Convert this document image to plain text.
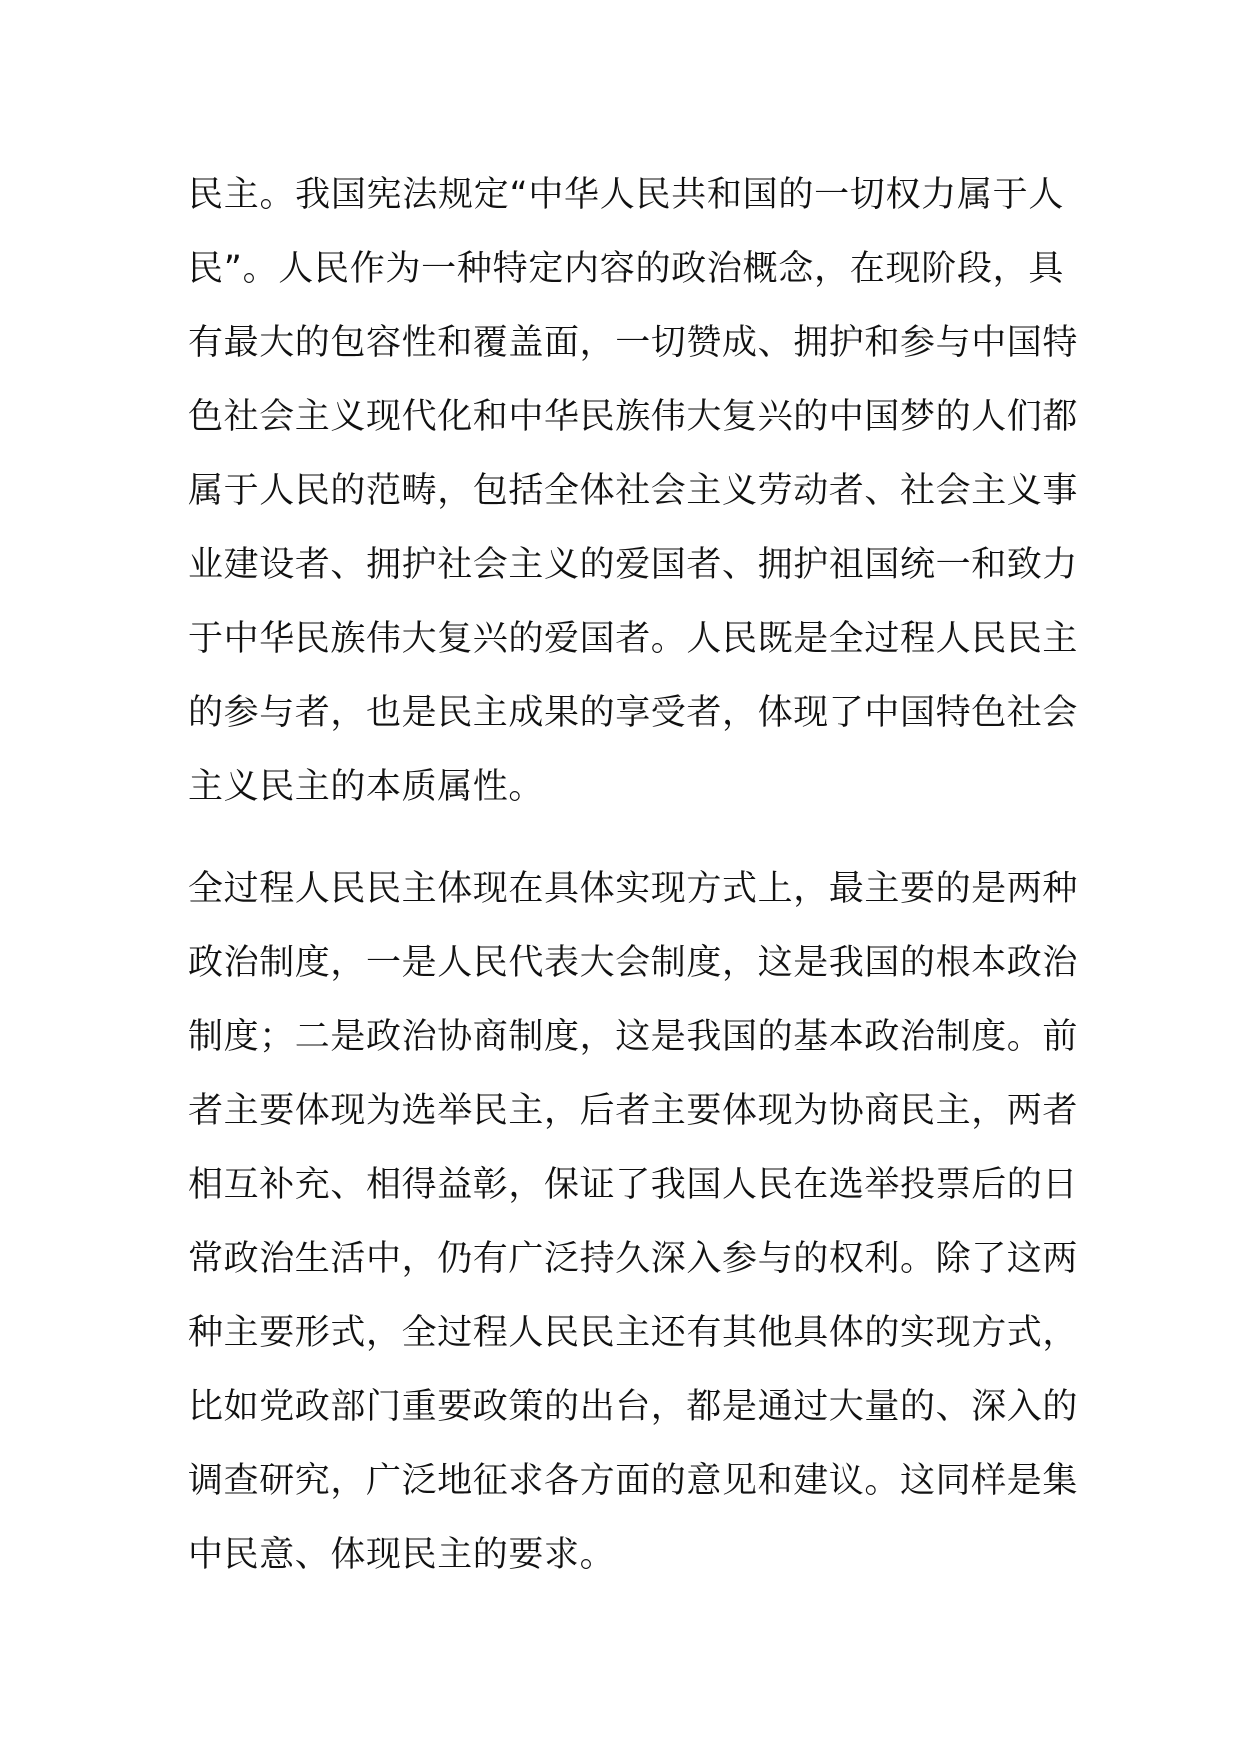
民主。我国宪法规定“中华人民共和国的一切权力属于人
民”。人民作为一种特定内容的政治概念，在现阶段，具
有最大的包容性和覆盖面，一切赞成、拥护和参与中国特
色社会主义现代化和中华民族伟大复兴的中国梦的人们都
属于人民的范畴，包括全体社会主义劳动者、社会主义事
业建设者、拥护社会主义的爱国者、拥护祖国统一和致力
于中华民族伟大复兴的爱国者。人民既是全过程人民民主
的参与者，也是民主成果的享受者，体现了中国特色社会
主义民主的本质属性。
全过程人民民主体现在具体实现方式上，最主要的是两种
政治制度，一是人民代表大会制度，这是我国的根本政治
制度；二是政治协商制度，这是我国的基本政治制度。前
者主要体现为选举民主，后者主要体现为协商民主，两者
相互补充、相得益彰，保证了我国人民在选举投票后的日
常政治生活中，仍有广泛持久深入参与的权利。除了这两
种主要形式，全过程人民民主还有其他具体的实现方式，
比如党政部门重要政策的出台，都是通过大量的、深入的
调查研究，广泛地征求各方面的意见和建议。这同样是集
中民意、体现民主的要求。
